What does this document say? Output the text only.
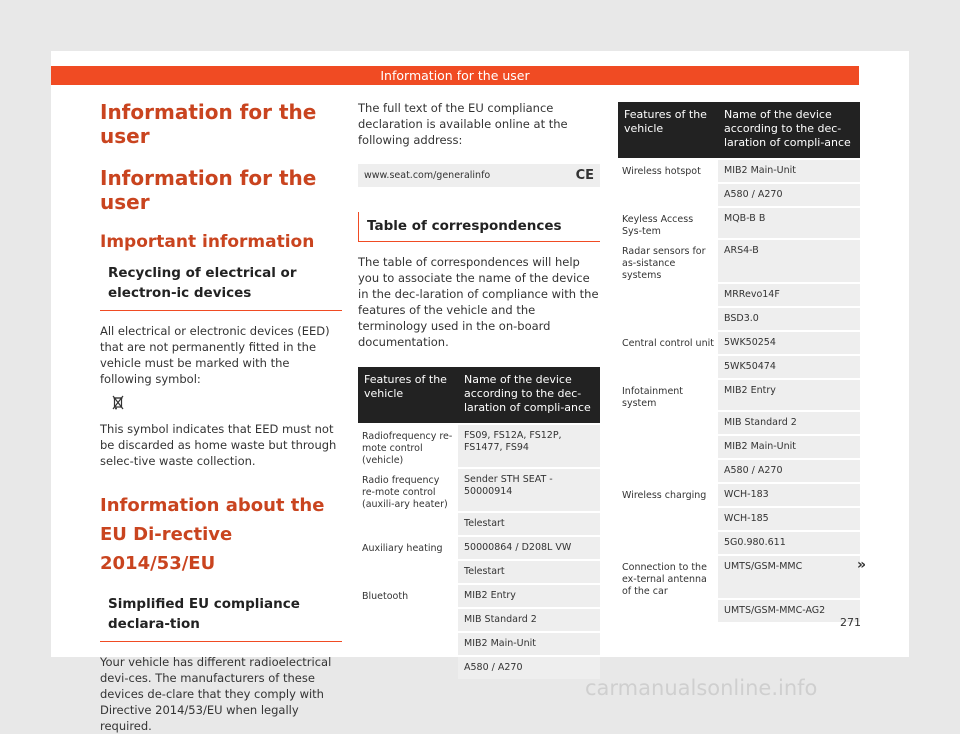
Information for the user
Information for the user
Information for the user
Important information
Recycling of electrical or electron-ic devices
All electrical or electronic devices (EED) that are not permanently fitted in the vehicle must be marked with the following symbol:
This symbol indicates that EED must not be discarded as home waste but through selec-tive waste collection.
Information about the EU Di-rective 2014/53/EU
Simplified EU compliance declara-tion
Your vehicle has different radioelectrical devi-ces. The manufacturers of these devices de-clare that they comply with Directive 2014/53/EU when legally required.
The full text of the EU compliance declaration is available online at the following address:
www.seat.com/generalinfo	CE
Table of correspondences
The table of correspondences will help you to associate the name of the device in the dec-laration of compliance with the features of the vehicle and the terminology used in the on-board documentation.
Features of the vehicle	Name of the device according to the dec-laration of compli-ance
Radiofrequency re-mote control (vehicle)	FS09, FS12A, FS12P, FS1477, FS94
Radio frequency re-mote control (auxili-ary heater)	Sender STH SEAT - 50000914
	Telestart
Auxiliary heating	50000864 / D208L VW
	Telestart
Bluetooth	MIB2 Entry
	MIB Standard 2
	MIB2 Main-Unit
	A580 / A270
Features of the vehicle	Name of the device according to the dec-laration of compli-ance
Wireless hotspot	MIB2 Main-Unit
	A580 / A270
Keyless Access Sys-tem	MQB-B B
Radar sensors for as-sistance systems	ARS4-B
	MRRevo14F
	BSD3.0
Central control unit	5WK50254
	5WK50474
Infotainment system	MIB2 Entry
	MIB Standard 2
	MIB2 Main-Unit
	A580 / A270
Wireless charging	WCH-183
	WCH-185
	5G0.980.611
Connection to the ex-ternal antenna of the car	UMTS/GSM-MMC
	UMTS/GSM-MMC-AG2
»
271
carmanualsonline.info
